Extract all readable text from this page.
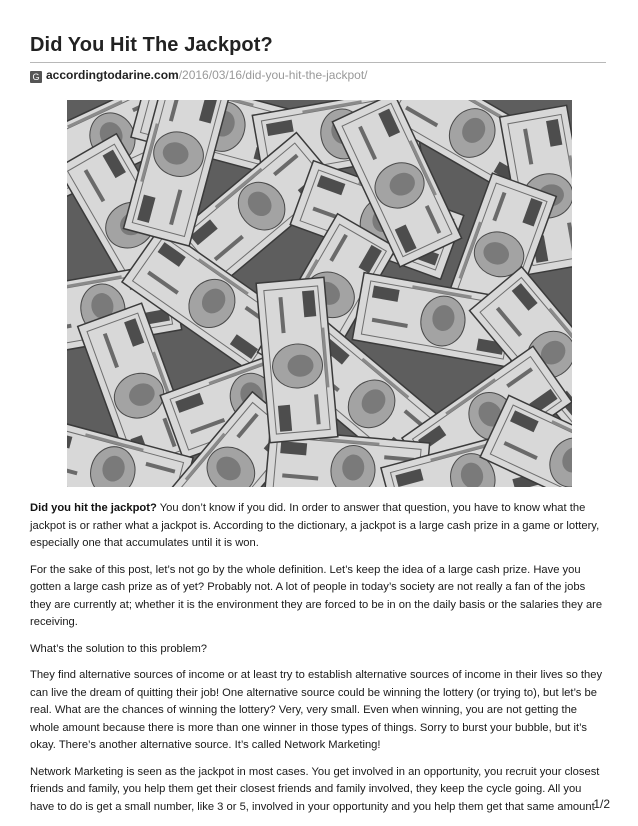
Did You Hit The Jackpot?
G accordingtodarine.com/2016/03/16/did-you-hit-the-jackpot/

Did you hit the jackpot? You don’t know if you did. In order to answer that question, you have to know what the jackpot is or rather what a jackpot is. According to the dictionary, a jackpot is a large cash prize in a game or lottery, especially one that accumulates until it is won.

For the sake of this post, let’s not go by the whole definition. Let’s keep the idea of a large cash prize. Have you gotten a large cash prize as of yet? Probably not. A lot of people in today’s society are not really a fan of the jobs they are currently at; whether it is the environment they are forced to be in on the daily basis or the salaries they are receiving.

What’s the solution to this problem?

They find alternative sources of income or at least try to establish alternative sources of income in their lives so they can live the dream of quitting their job! One alternative source could be winning the lottery (or trying to), but let’s be real. What are the chances of winning the lottery? Very, very small. Even when winning, you are not getting the whole amount because there is more than one winner in those types of things. Sorry to burst your bubble, but it’s okay. There’s another alternative source. It’s called Network Marketing!

Network Marketing is seen as the jackpot in most cases. You get involved in an opportunity, you recruit your closest friends and family, you help them get their closest friends and family involved, they keep the cycle going. All you have to do is get a small number, like 3 or 5, involved in your opportunity and you help them get that same amount

1/2
